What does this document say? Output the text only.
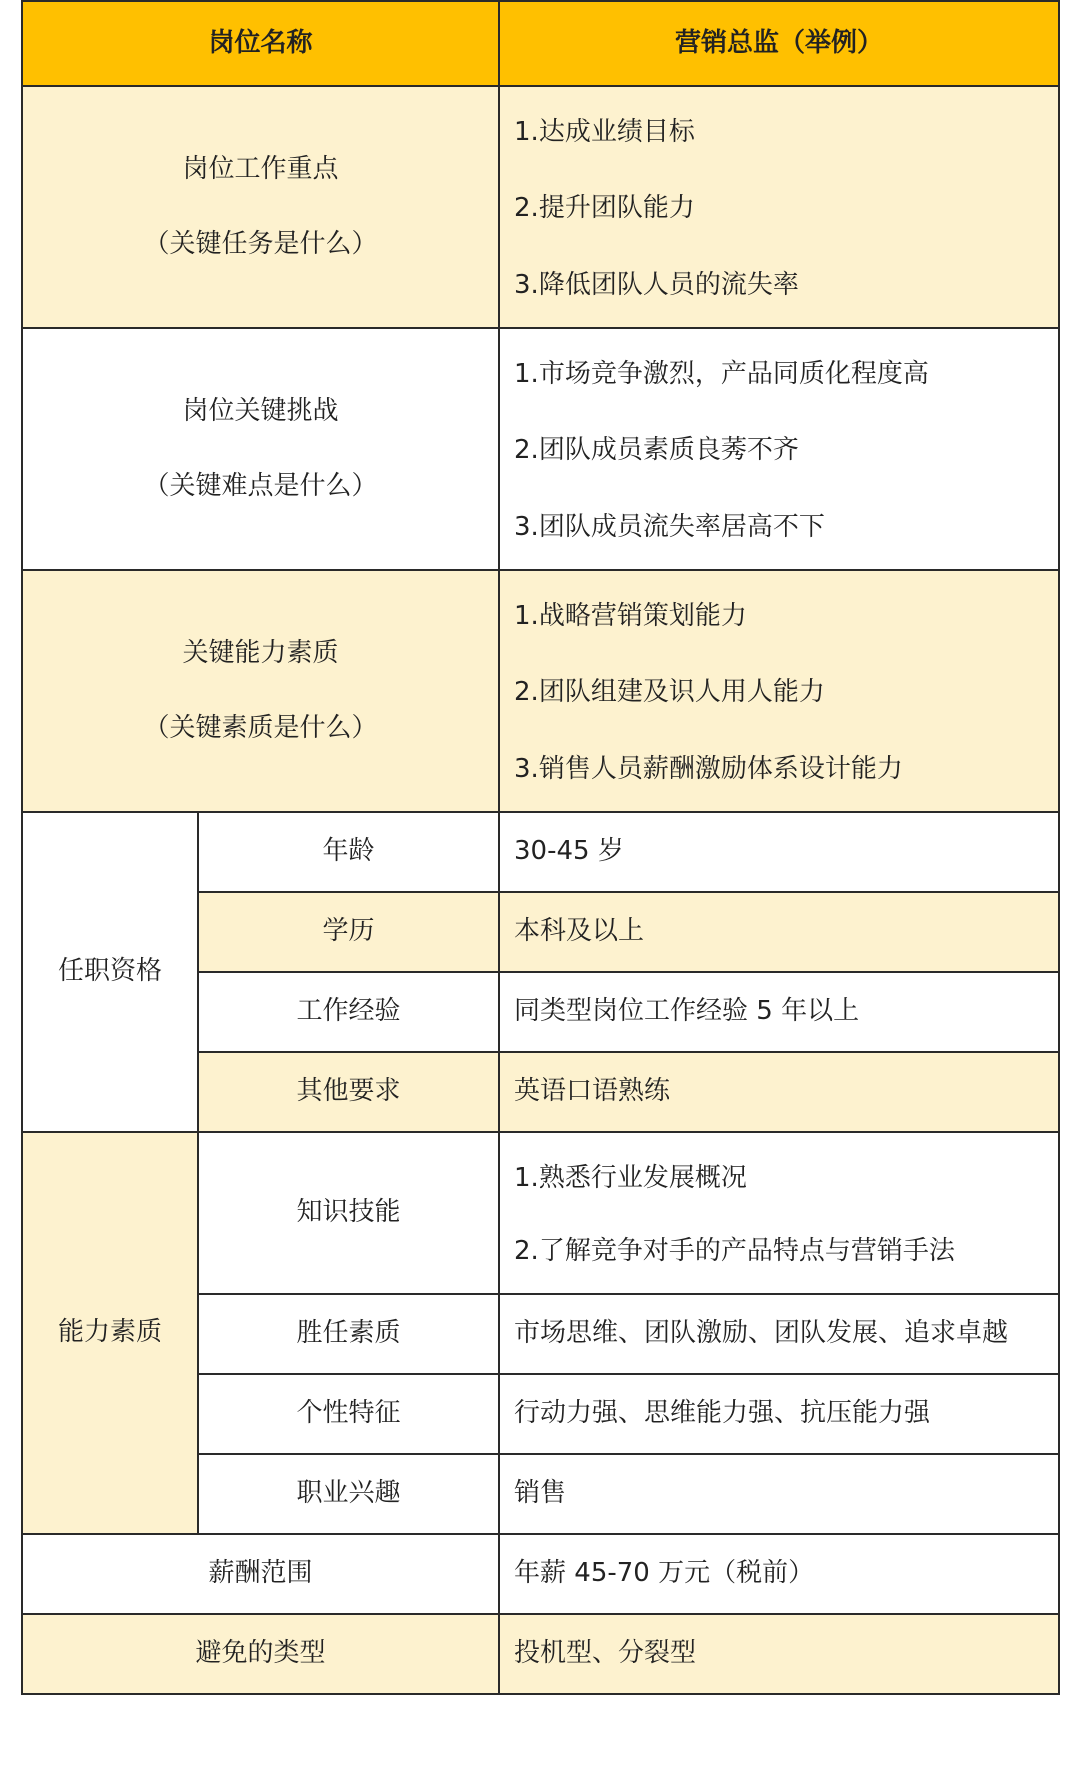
岗位名称		营销总监（举例）

岗位工作重点
（关键任务是什么）		1.达成业绩目标
2.提升团队能力
3.降低团队人员的流失率

岗位关键挑战
（关键难点是什么）		1.市场竞争激烈，产品同质化程度高
2.团队成员素质良莠不齐
3.团队成员流失率居高不下

关键能力素质
（关键素质是什么）		1.战略营销策划能力
2.团队组建及识人用人能力
3.销售人员薪酬激励体系设计能力

任职资格	年龄	30-45 岁
	学历	本科及以上
	工作经验	同类型岗位工作经验 5 年以上
	其他要求	英语口语熟练
能力素质	知识技能	1.熟悉行业发展概况
2.了解竞争对手的产品特点与营销手法

	胜任素质	市场思维、团队激励、团队发展、追求卓越
	个性特征	行动力强、思维能力强、抗压能力强
	职业兴趣	销售
薪酬范围		年薪 45-70 万元（税前）
避免的类型		投机型、分裂型
